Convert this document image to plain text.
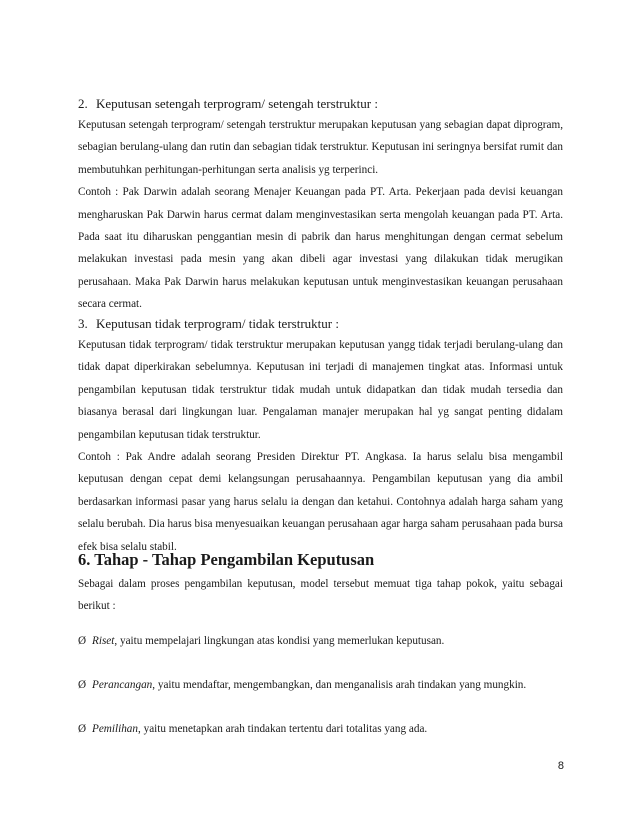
2. Keputusan setengah terprogram/ setengah terstruktur :

Keputusan setengah terprogram/ setengah terstruktur merupakan keputusan yang sebagian dapat diprogram, sebagian berulang-ulang dan rutin dan sebagian tidak terstruktur. Keputusan ini seringnya bersifat rumit dan membutuhkan perhitungan-perhitungan serta analisis yg terperinci.

Contoh : Pak Darwin adalah seorang Menajer Keuangan pada PT. Arta. Pekerjaan pada devisi keuangan mengharuskan Pak Darwin harus cermat dalam menginvestasikan serta mengolah keuangan pada PT. Arta. Pada saat itu diharuskan penggantian mesin di pabrik dan harus menghitungan dengan cermat sebelum melakukan investasi pada mesin yang akan dibeli agar investasi yang dilakukan tidak merugikan perusahaan. Maka Pak Darwin harus melakukan keputusan untuk menginvestasikan keuangan perusahaan secara cermat.

3. Keputusan tidak terprogram/ tidak terstruktur :

Keputusan tidak terprogram/ tidak terstruktur merupakan keputusan yangg tidak terjadi berulang-ulang dan tidak dapat diperkirakan sebelumnya. Keputusan ini terjadi di manajemen tingkat atas. Informasi untuk pengambilan keputusan tidak terstruktur tidak mudah untuk didapatkan dan tidak mudah tersedia dan biasanya berasal dari lingkungan luar. Pengalaman manajer merupakan hal yg sangat penting didalam pengambilan keputusan tidak terstruktur.

Contoh : Pak Andre adalah seorang Presiden Direktur PT. Angkasa. Ia harus selalu bisa mengambil keputusan dengan cepat demi kelangsungan perusahaannya. Pengambilan keputusan yang dia ambil berdasarkan informasi pasar yang harus selalu ia dengan dan ketahui. Contohnya adalah harga saham yang selalu berubah. Dia harus bisa menyesuaikan keuangan perusahaan agar harga saham perusahaan pada bursa efek bisa selalu stabil.

6. Tahap - Tahap Pengambilan Keputusan

Sebagai dalam proses pengambilan keputusan, model tersebut memuat tiga tahap pokok, yaitu sebagai berikut :

Ø Riset, yaitu mempelajari lingkungan atas kondisi yang memerlukan keputusan.

Ø Perancangan, yaitu mendaftar, mengembangkan, dan menganalisis arah tindakan yang mungkin.

Ø Pemilihan, yaitu menetapkan arah tindakan tertentu dari totalitas yang ada.

8
